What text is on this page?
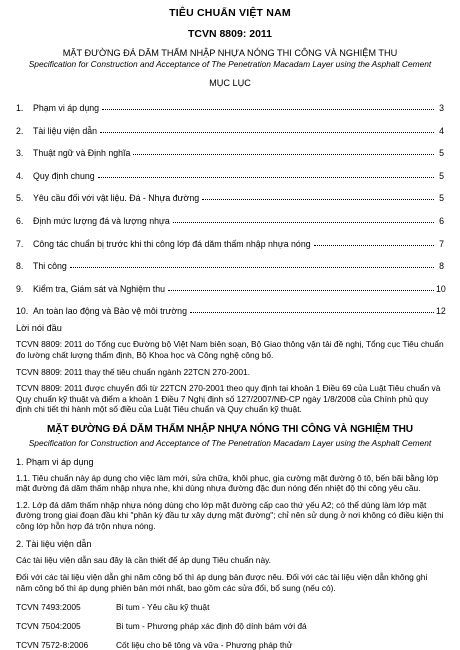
TIÊU CHUẨN VIỆT NAM
TCVN 8809: 2011
MẶT ĐƯỜNG ĐÁ DĂM THẤM NHẬP NHỰA NÓNG THI CÔNG VÀ NGHIỆM THU
Specification for Construction and Acceptance of The Penetration Macadam Layer using the Asphalt Cement
MỤC LỤC
1.	Phạm vi áp dụng	3
2.	Tài liệu viện dẫn	4
3.	Thuật ngữ và Định nghĩa	5
4.	Quy định chung	5
5.	Yêu cầu đối với vật liệu. Đá - Nhựa đường	5
6.	Định mức lượng đá và lượng nhựa	6
7.	Công tác chuẩn bị trước khi thi công lớp đá dăm thấm nhập nhựa nóng	7
8.	Thi công	8
9.	Kiểm tra, Giám sát và Nghiệm thu	10
10. An toàn lao động và Bảo vệ môi trường	12
Lời nói đầu

TCVN 8809: 2011 do Tổng cục Đường bộ Việt Nam biên soạn, Bộ Giao thông vận tải đề nghị, Tổng cục Tiêu chuẩn đo lường chất lượng thẩm định, Bộ Khoa học và Công nghệ công bố.

TCVN 8809: 2011 thay thế tiêu chuẩn ngành 22TCN 270-2001.

TCVN 8809: 2011 được chuyển đổi từ 22TCN 270-2001 theo quy định tại khoản 1 Điều 69 của Luật Tiêu chuẩn và Quy chuẩn kỹ thuật và điểm a khoản 1 Điều 7 Nghị định số 127/2007/NĐ-CP ngày 1/8/2008 của Chính phủ quy định chi tiết thi hành một số điều của Luật Tiêu chuẩn và Quy chuẩn kỹ thuật.

MẶT ĐƯỜNG ĐÁ DĂM THẤM NHẬP NHỰA NÓNG THI CÔNG VÀ NGHIỆM THU
Specification for Construction and Acceptance of The Penetration Macadam Layer using the Asphalt Cement
1. Phạm vi áp dụng

1.1. Tiêu chuẩn này áp dụng cho việc làm mới, sửa chữa, khôi phục, gia cường mặt đường ô tô, bến bãi bằng lớp mặt đường đá dăm thấm nhập nhựa nhe, khi dùng nhựa đường đặc đun nóng đến nhiệt độ thi công yêu cầu.

1.2. Lớp đá dăm thấm nhập nhựa nóng dùng cho lớp mặt đường cấp cao thứ yếu A2; có thể dùng làm lớp mặt đường trong giai đoạn đầu khi "phân kỳ đầu tư xây dựng mặt đường"; chỉ nên sử dụng ở nơi không có điều kiện thi công lớp hỗn hợp đá trộn nhựa nóng.

2. Tài liệu viện dẫn

Các tài liệu viện dẫn sau đây là cần thiết để áp dụng Tiêu chuẩn này.

Đối với các tài liệu viện dẫn ghi năm công bố thì áp dụng bản được nêu. Đối với các tài liệu viện dẫn không ghi năm công bố thì áp dụng phiên bản mới nhất, bao gồm các sửa đổi, bổ sung (nếu có).

TCVN 7493:2005	Bi tum - Yêu cầu kỹ thuật
TCVN 7504:2005	Bi tum - Phương pháp xác định độ dính bám với đá
TCVN 7572-8:2006	Cốt liệu cho bê tông và vữa - Phương pháp thử
